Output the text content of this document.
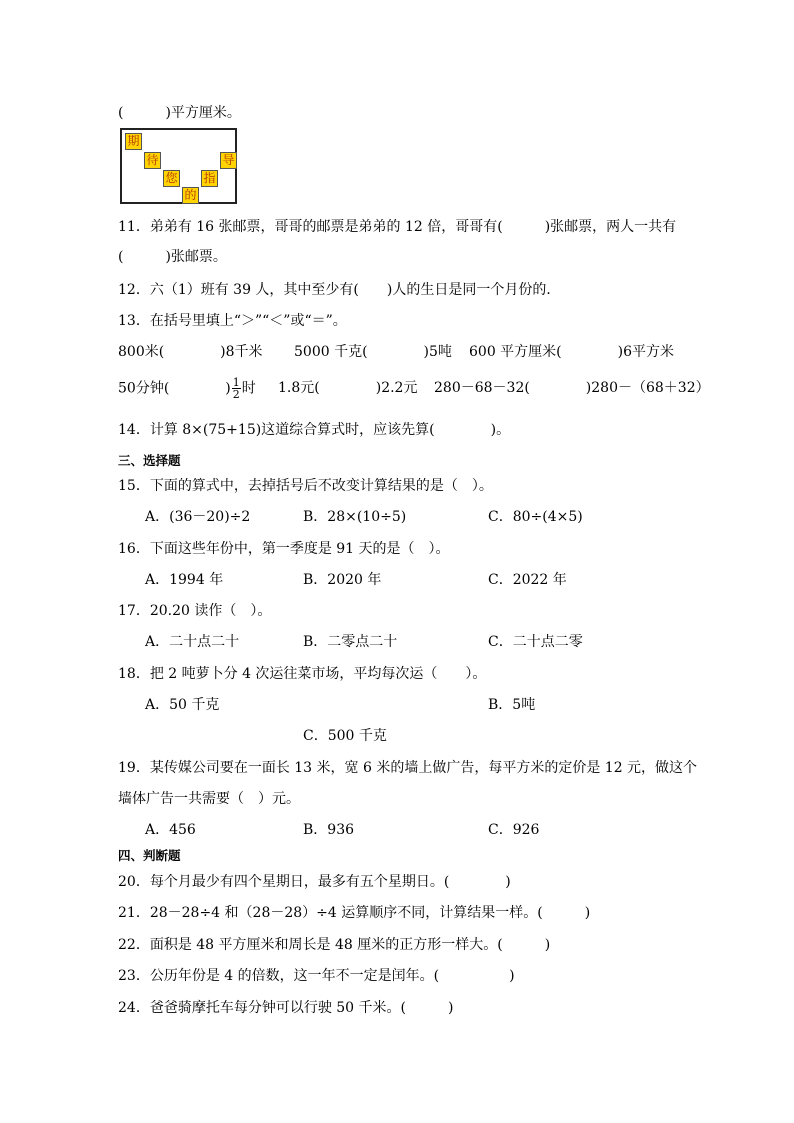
(　　　)平方厘米。
期
待
您
的
指
导
11．弟弟有 16 张邮票，哥哥的邮票是弟弟的 12 倍，哥哥有(　　　)张邮票，两人一共有
(　　　)张邮票。
12．六（1）班有 39 人，其中至少有(　　)人的生日是同一个月份的．
13．在括号里填上“＞”“＜”或“＝”。
800米(　　　　)8千米 5000 千克(　　　　)5吨 600 平方厘米(　　　　)6平方米
50分钟(　　　　) $\frac{1}{2}$ 时 1.8元(　　　　)2.2元 280－68－32(　　　　)280－（68＋32）
14．计算 8×(75+15)这道综合算式时，应该先算(　　　　)。
三、选择题
15．下面的算式中，去掉括号后不改变计算结果的是（　）。
A．(36－20)÷2	B．28×(10÷5)	C．80÷(4×5)
16．下面这些年份中，第一季度是 91 天的是（　）。
A．1994 年	B．2020 年	C．2022 年
17．20.20 读作（　）。
A．二十点二十	B．二零点二十	C．二十点二零
18．把 2 吨萝卜分 4 次运往菜市场，平均每次运（　　）。
A．50 千克	B．5吨
C．500 千克
19．某传媒公司要在一面长 13 米，宽 6 米的墙上做广告，每平方米的定价是 12 元，做这个
墙体广告一共需要（　）元。
A．456	B．936	C．926
四、判断题
20．每个月最少有四个星期日，最多有五个星期日。(　　　　)
21．28－28÷4 和（28－28）÷4 运算顺序不同，计算结果一样。(　　　)
22．面积是 48 平方厘米和周长是 48 厘米的正方形一样大。(　　　)
23．公历年份是 4 的倍数，这一年不一定是闰年。(　　　　　)
24．爸爸骑摩托车每分钟可以行驶 50 千米。(　　　)
